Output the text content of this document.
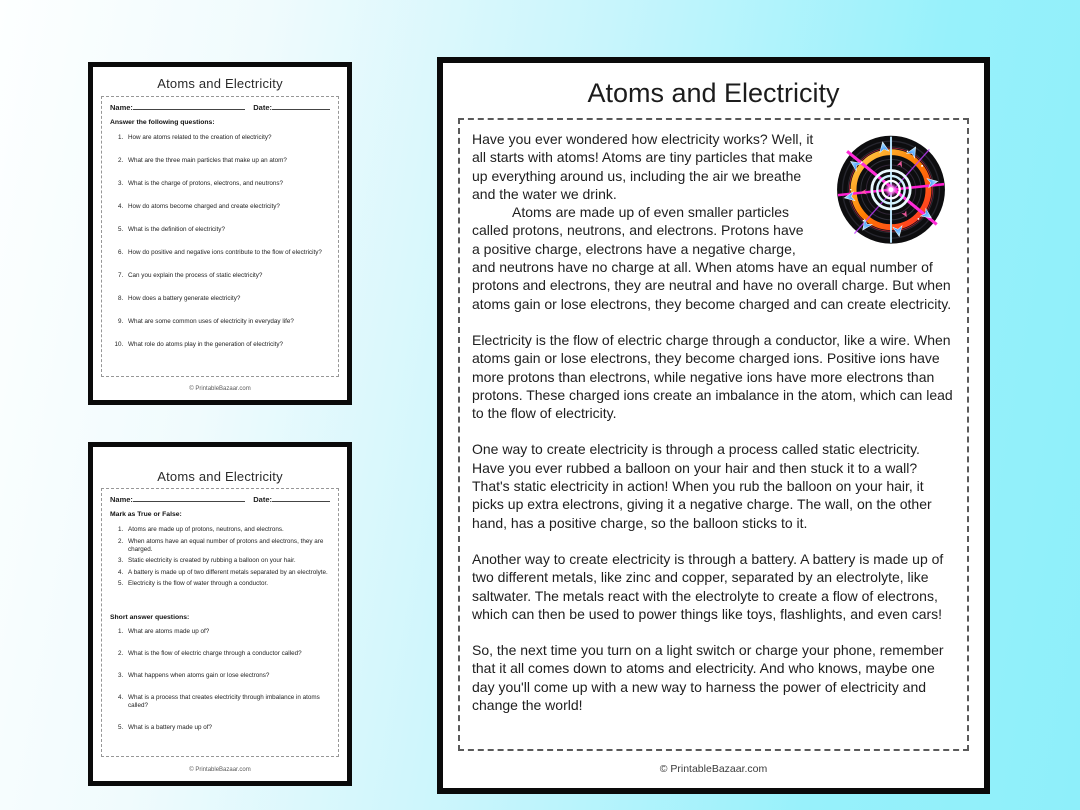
Atoms and Electricity
Name:	Date:
Answer the following questions:
1. How are atoms related to the creation of electricity?
2. What are the three main particles that make up an atom?
3. What is the charge of protons, electrons, and neutrons?
4. How do atoms become charged and create electricity?
5. What is the definition of electricity?
6. How do positive and negative ions contribute to the flow of electricity?
7. Can you explain the process of static electricity?
8. How does a battery generate electricity?
9. What are some common uses of electricity in everyday life?
10. What role do atoms play in the generation of electricity?
© PrintableBazaar.com
Atoms and Electricity
Name:	Date:
Mark as True or False:
1. Atoms are made up of protons, neutrons, and electrons.
2. When atoms have an equal number of protons and electrons, they are charged.
3. Static electricity is created by rubbing a balloon on your hair.
4. A battery is made up of two different metals separated by an electrolyte.
5. Electricity is the flow of water through a conductor.
Short answer questions:
1. What are atoms made up of?
2. What is the flow of electric charge through a conductor called?
3. What happens when atoms gain or lose electrons?
4. What is a process that creates electricity through imbalance in atoms called?
5. What is a battery made up of?
© PrintableBazaar.com
Atoms and Electricity

Have you ever wondered how electricity works? Well, it all starts with atoms! Atoms are tiny particles that make up everything around us, including the air we breathe and the water we drink.

Atoms are made up of even smaller particles called protons, neutrons, and electrons. Protons have a positive charge, electrons have a negative charge, and neutrons have no charge at all. When atoms have an equal number of protons and electrons, they are neutral and have no overall charge. But when atoms gain or lose electrons, they become charged and can create electricity.

Electricity is the flow of electric charge through a conductor, like a wire. When atoms gain or lose electrons, they become charged ions. Positive ions have more protons than electrons, while negative ions have more electrons than protons. These charged ions create an imbalance in the atom, which can lead to the flow of electricity.

One way to create electricity is through a process called static electricity. Have you ever rubbed a balloon on your hair and then stuck it to a wall? That's static electricity in action! When you rub the balloon on your hair, it picks up extra electrons, giving it a negative charge. The wall, on the other hand, has a positive charge, so the balloon sticks to it.

Another way to create electricity is through a battery. A battery is made up of two different metals, like zinc and copper, separated by an electrolyte, like saltwater. The metals react with the electrolyte to create a flow of electrons, which can then be used to power things like toys, flashlights, and even cars!

So, the next time you turn on a light switch or charge your phone, remember that it all comes down to atoms and electricity. And who knows, maybe one day you'll come up with a new way to harness the power of electricity and change the world!

© PrintableBazaar.com
